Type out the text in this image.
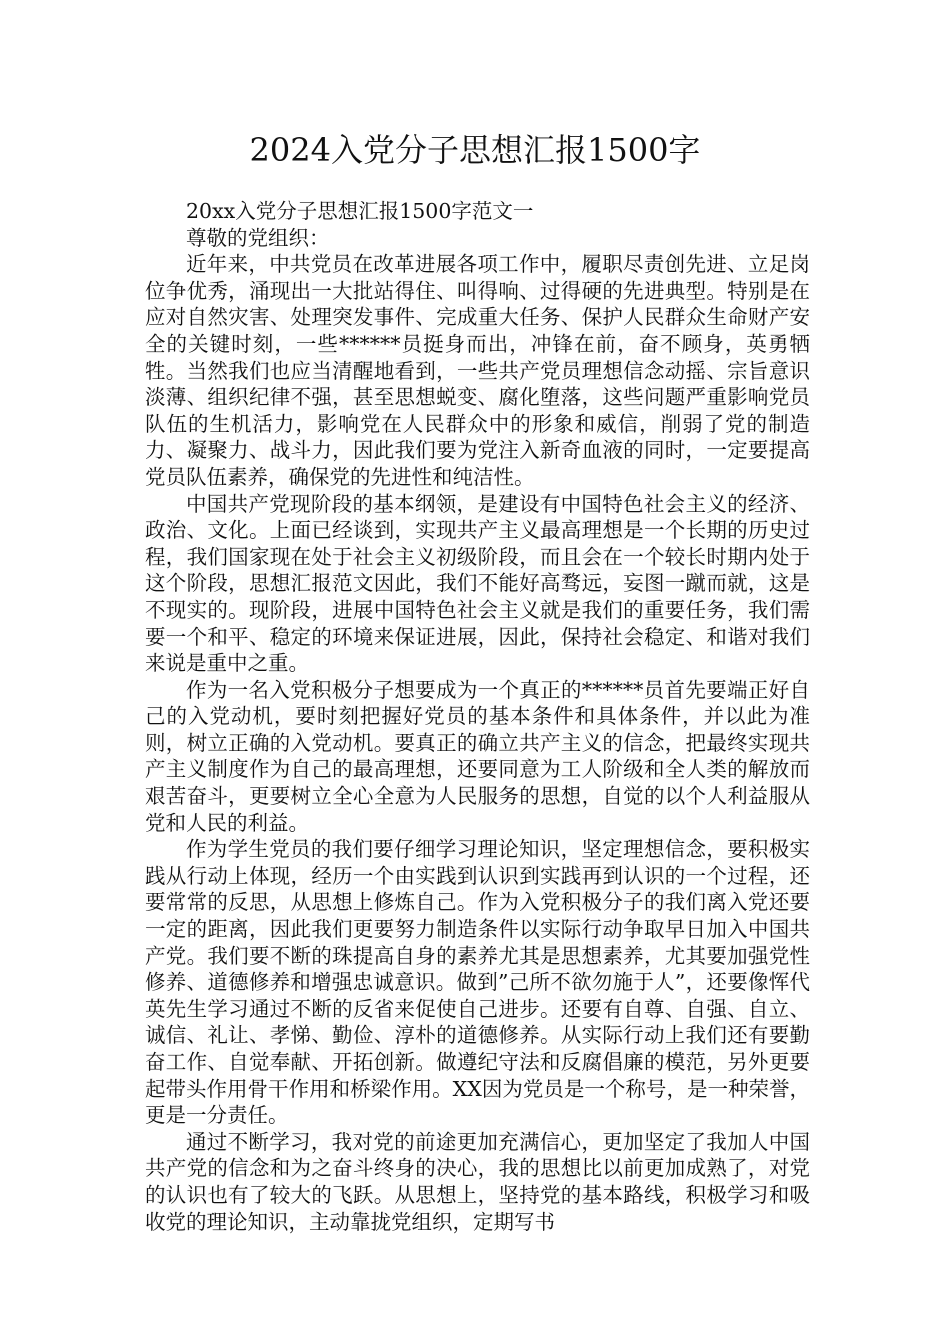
2024入党分子思想汇报1500字

20xx入党分子思想汇报1500字范文一

尊敬的党组织：

近年来，中共党员在改革进展各项工作中，履职尽责创先进、立足岗位争优秀，涌现出一大批站得住、叫得响、过得硬的先进典型。特别是在应对自然灾害、处理突发事件、完成重大任务、保护人民群众生命财产安全的关键时刻，一些******员挺身而出，冲锋在前，奋不顾身，英勇牺牲。当然我们也应当清醒地看到，一些共产党员理想信念动摇、宗旨意识淡薄、组织纪律不强，甚至思想蜕变、腐化堕落，这些问题严重影响党员队伍的生机活力，影响党在人民群众中的形象和威信，削弱了党的制造力、凝聚力、战斗力，因此我们要为党注入新奇血液的同时，一定要提高党员队伍素养，确保党的先进性和纯洁性。

中国共产党现阶段的基本纲领，是建设有中国特色社会主义的经济、政治、文化。上面已经谈到，实现共产主义最高理想是一个长期的历史过程，我们国家现在处于社会主义初级阶段，而且会在一个较长时期内处于这个阶段，思想汇报范文因此，我们不能好高骛远，妄图一蹴而就，这是不现实的。现阶段，进展中国特色社会主义就是我们的重要任务，我们需要一个和平、稳定的环境来保证进展，因此，保持社会稳定、和谐对我们来说是重中之重。

作为一名入党积极分子想要成为一个真正的******员首先要端正好自己的入党动机，要时刻把握好党员的基本条件和具体条件，并以此为准则，树立正确的入党动机。要真正的确立共产主义的信念，把最终实现共产主义制度作为自己的最高理想，还要同意为工人阶级和全人类的解放而艰苦奋斗，更要树立全心全意为人民服务的思想，自觉的以个人利益服从党和人民的利益。

作为学生党员的我们要仔细学习理论知识，坚定理想信念，要积极实践从行动上体现，经历一个由实践到认识到实践再到认识的一个过程，还要常常的反思，从思想上修炼自己。作为入党积极分子的我们离入党还要一定的距离，因此我们更要努力制造条件以实际行动争取早日加入中国共产党。我们要不断的珠提高自身的素养尤其是思想素养，尤其要加强党性修养、道德修养和增强忠诚意识。做到”己所不欲勿施于人”，还要像恽代英先生学习通过不断的反省来促使自己进步。还要有自尊、自强、自立、诚信、礼让、孝悌、勤俭、淳朴的道德修养。从实际行动上我们还有要勤奋工作、自觉奉献、开拓创新。做遵纪守法和反腐倡廉的模范，另外更要起带头作用骨干作用和桥梁作用。XX因为党员是一个称号，是一种荣誉，更是一分责任。

通过不断学习，我对党的前途更加充满信心，更加坚定了我加人中国共产党的信念和为之奋斗终身的决心，我的思想比以前更加成熟了，对党的认识也有了较大的飞跃。从思想上，坚持党的基本路线，积极学习和吸收党的理论知识，主动靠拢党组织，定期写书
